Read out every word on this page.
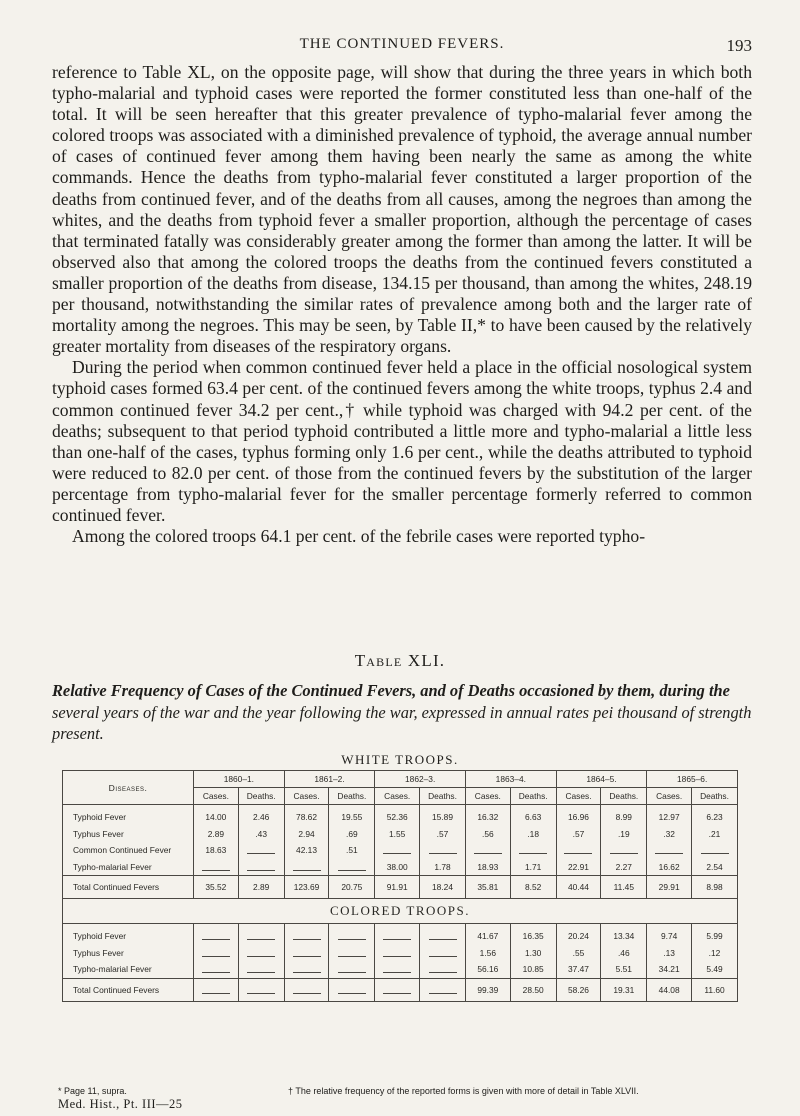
THE CONTINUED FEVERS.	193

reference to Table XL, on the opposite page, will show that during the three years in which both typho-malarial and typhoid cases were reported the former constituted less than one-half of the total. It will be seen hereafter that this greater prevalence of typho-malarial fever among the colored troops was associated with a diminished prevalence of typhoid, the average annual number of cases of continued fever among them having been nearly the same as among the white commands. Hence the deaths from typho-malarial fever constituted a larger proportion of the deaths from continued fever, and of the deaths from all causes, among the negroes than among the whites, and the deaths from typhoid fever a smaller proportion, although the percentage of cases that terminated fatally was considerably greater among the former than among the latter. It will be observed also that among the colored troops the deaths from the continued fevers constituted a smaller proportion of the deaths from disease, 134.15 per thousand, than among the whites, 248.19 per thousand, notwithstanding the similar rates of prevalence among both and the larger rate of mortality among the negroes. This may be seen, by Table II,* to have been caused by the relatively greater mortality from diseases of the respiratory organs.

During the period when common continued fever held a place in the official nosological system typhoid cases formed 63.4 per cent. of the continued fevers among the white troops, typhus 2.4 and common continued fever 34.2 per cent.,† while typhoid was charged with 94.2 per cent. of the deaths; subsequent to that period typhoid contributed a little more and typho-malarial a little less than one-half of the cases, typhus forming only 1.6 per cent., while the deaths attributed to typhoid were reduced to 82.0 per cent. of those from the continued fevers by the substitution of the larger percentage from typho-malarial fever for the smaller percentage formerly referred to common continued fever.

Among the colored troops 64.1 per cent. of the febrile cases were reported typho-

Table XLI.
Relative Frequency of Cases of the Continued Fevers, and of Deaths occasioned by them, during the several years of the war and the year following the war, expressed in annual rates pei thousand of strength present.
WHITE TROOPS.
Diseases.	1860–1.		1861–2.		1862–3.		1863–4.		1864–5.		1865–6.	
	Cases.	Deaths.	Cases.	Deaths.	Cases.	Deaths.	Cases.	Deaths.	Cases.	Deaths.	Cases.	Deaths.
Typhoid Fever	14.00	2.46	78.62	19.55	52.36	15.89	16.32	6.63	16.96	8.99	12.97	6.23
Typhus Fever	2.89	.43	2.94	.69	1.55	.57	.56	.18	.57	.19	.32	.21
Common Continued Fever	18.63		42.13	.51								
Typho-malarial Fever					38.00	1.78	18.93	1.71	22.91	2.27	16.62	2.54
Total Continued Fevers	35.52	2.89	123.69	20.75	91.91	18.24	35.81	8.52	40.44	11.45	29.91	8.98
COLORED TROOPS.												
Typhoid Fever							41.67	16.35	20.24	13.34	9.74	5.99
Typhus Fever							1.56	1.30	.55	.46	.13	.12
Typho-malarial Fever							56.16	10.85	37.47	5.51	34.21	5.49
Total Continued Fevers							99.39	28.50	58.26	19.31	44.08	11.60
* Page 11, supra.	† The relative frequency of the reported forms is given with more of detail in Table XLVII.
Med. Hist., Pt. III—25
